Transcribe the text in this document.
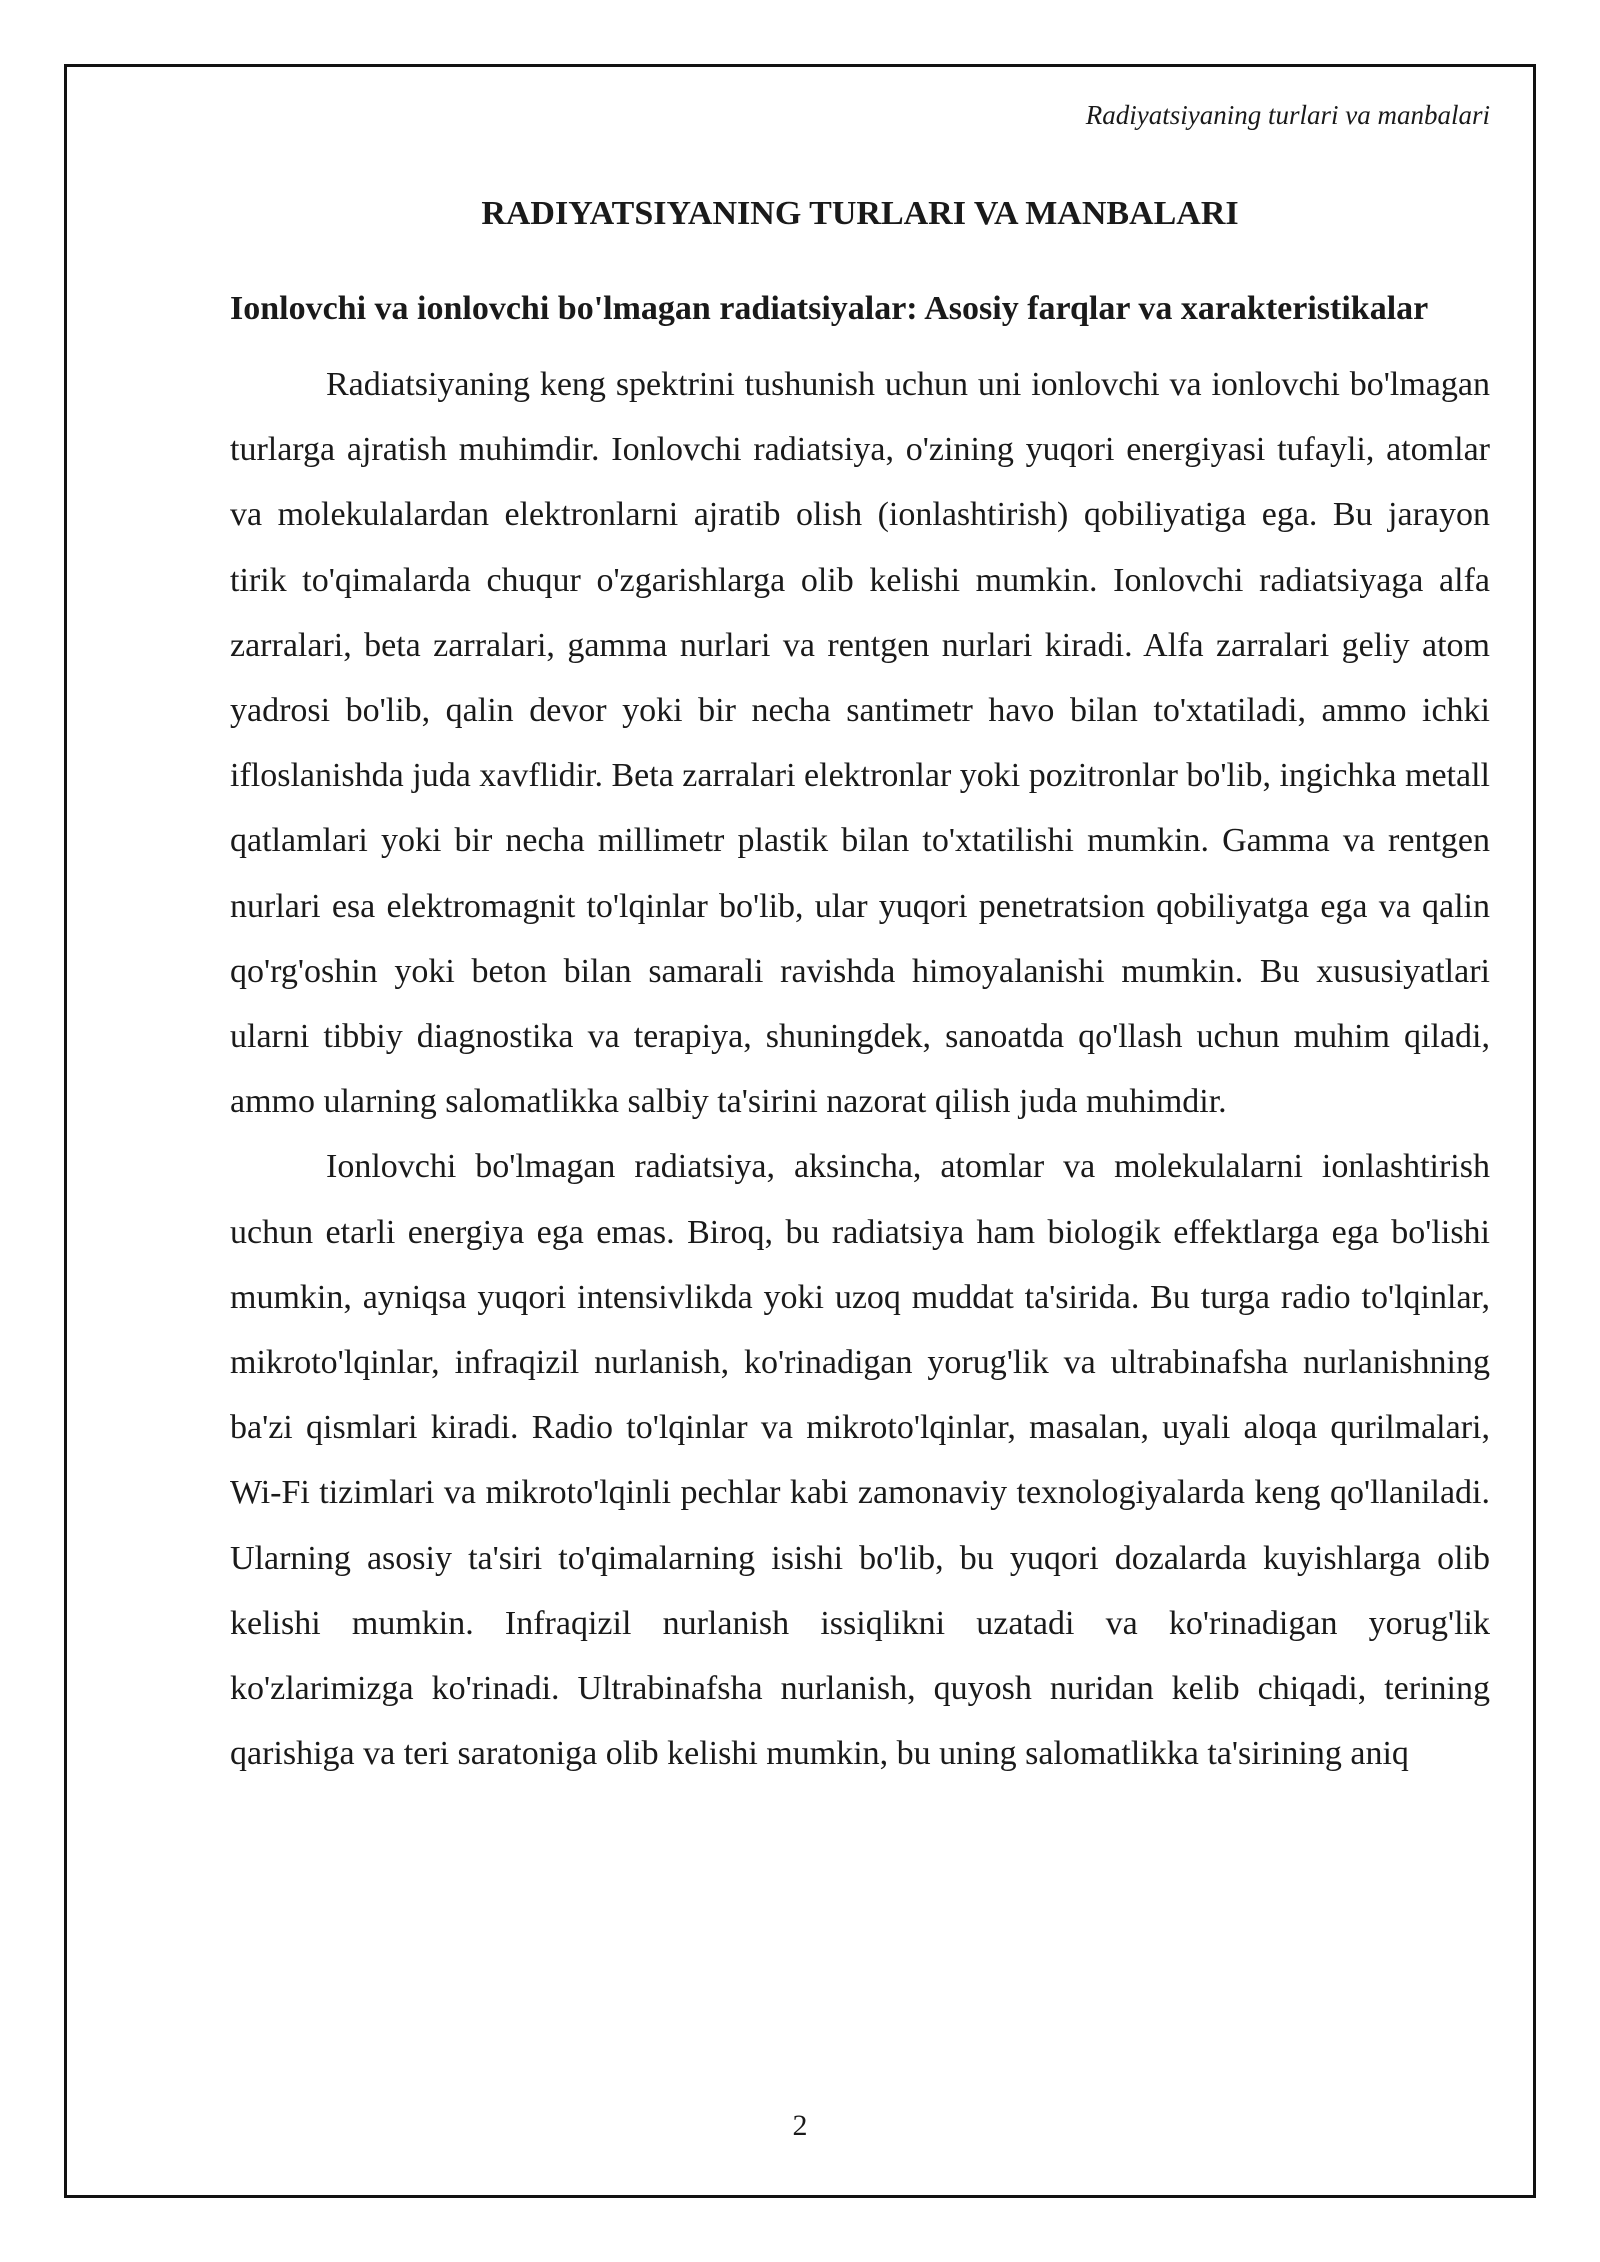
Radiyatsiyaning turlari va manbalari
RADIYATSIYANING TURLARI VA MANBALARI
Ionlovchi va ionlovchi bo'lmagan radiatsiyalar: Asosiy farqlar va xarakteristikalar

Radiatsiyaning keng spektrini tushunish uchun uni ionlovchi va ionlovchi bo'lmagan turlarga ajratish muhimdir. Ionlovchi radiatsiya, o'zining yuqori energiyasi tufayli, atomlar va molekulalardan elektronlarni ajratib olish (ionlashtirish) qobiliyatiga ega. Bu jarayon tirik to'qimalarda chuqur o'zgarishlarga olib kelishi mumkin. Ionlovchi radiatsiyaga alfa zarralari, beta zarralari, gamma nurlari va rentgen nurlari kiradi. Alfa zarralari geliy atom yadrosi bo'lib, qalin devor yoki bir necha santimetr havo bilan to'xtatiladi, ammo ichki ifloslanishda juda xavflidir. Beta zarralari elektronlar yoki pozitronlar bo'lib, ingichka metall qatlamlari yoki bir necha millimetr plastik bilan to'xtatilishi mumkin. Gamma va rentgen nurlari esa elektromagnit to'lqinlar bo'lib, ular yuqori penetratsion qobiliyatga ega va qalin qo'rg'oshin yoki beton bilan samarali ravishda himoyalanishi mumkin. Bu xususiyatlari ularni tibbiy diagnostika va terapiya, shuningdek, sanoatda qo'llash uchun muhim qiladi, ammo ularning salomatlikka salbiy ta'sirini nazorat qilish juda muhimdir.

Ionlovchi bo'lmagan radiatsiya, aksincha, atomlar va molekulalarni ionlashtirish uchun etarli energiya ega emas. Biroq, bu radiatsiya ham biologik effektlarga ega bo'lishi mumkin, ayniqsa yuqori intensivlikda yoki uzoq muddat ta'sirida. Bu turga radio to'lqinlar, mikroto'lqinlar, infraqizil nurlanish, ko'rinadigan yorug'lik va ultrabinafsha nurlanishning ba'zi qismlari kiradi. Radio to'lqinlar va mikroto'lqinlar, masalan, uyali aloqa qurilmalari, Wi-Fi tizimlari va mikroto'lqinli pechlar kabi zamonaviy texnologiyalarda keng qo'llaniladi. Ularning asosiy ta'siri to'qimalarning isishi bo'lib, bu yuqori dozalarda kuyishlarga olib kelishi mumkin. Infraqizil nurlanish issiqlikni uzatadi va ko'rinadigan yorug'lik ko'zlarimizga ko'rinadi. Ultrabinafsha nurlanish, quyosh nuridan kelib chiqadi, terining qarishiga va teri saratoniga olib kelishi mumkin, bu uning salomatlikka ta'sirining aniq

2
